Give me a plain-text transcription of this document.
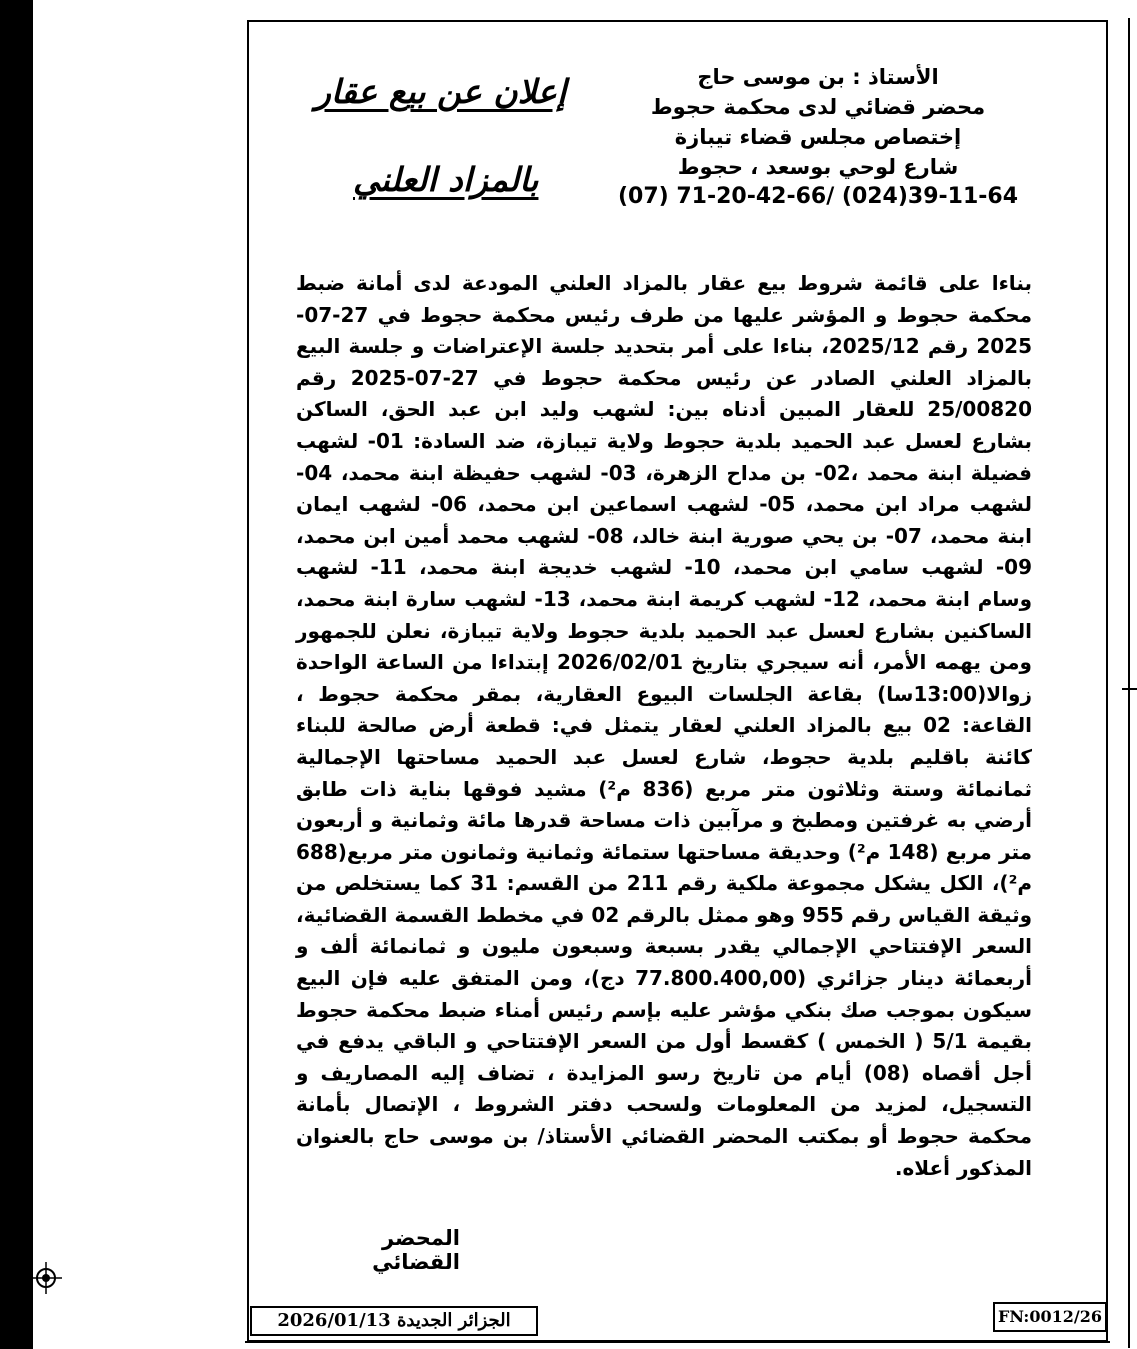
الأستاذ : بن موسى حاج
محضر قضائي لدى محكمة حجوط
إختصاص مجلس قضاء تيبازة
شارع لوحي بوسعد ، حجوط
(07) 71-20-42-66/ (024)39-11-64
إعلان عن بيع عقار
بالمزاد العلني
بناءا على قائمة شروط بيع عقار بالمزاد العلني المودعة لدى أمانة ضبط محكمة حجوط و المؤشر عليها من طرف رئيس محكمة حجوط في 27-07-2025 رقم 2025/12، بناءا على أمر بتحديد جلسة الإعتراضات و جلسة البيع بالمزاد العلني الصادر عن رئيس محكمة حجوط في 27-07-2025 رقم 25/00820 للعقار المبين أدناه بين: لشهب وليد ابن عبد الحق، الساكن بشارع لعسل عبد الحميد بلدية حجوط ولاية تيبازة، ضد السادة: 01- لشهب فضيلة ابنة محمد ،02- بن مداح الزهرة، 03- لشهب حفيظة ابنة محمد، 04- لشهب مراد ابن محمد، 05- لشهب اسماعين ابن محمد، 06- لشهب ايمان ابنة محمد، 07- بن يحي صورية ابنة خالد، 08- لشهب محمد أمين ابن محمد، 09- لشهب سامي ابن محمد، 10- لشهب خديجة ابنة محمد، 11- لشهب وسام ابنة محمد، 12- لشهب كريمة ابنة محمد، 13- لشهب سارة ابنة محمد، الساكنين بشارع لعسل عبد الحميد بلدية حجوط ولاية تيبازة، نعلن للجمهور ومن يهمه الأمر، أنه سيجري بتاريخ 2026/02/01 إبتداءا من الساعة الواحدة زوالا(13:00سا) بقاعة الجلسات البيوع العقارية، بمقر محكمة حجوط ، القاعة: 02 بيع بالمزاد العلني لعقار يتمثل في: قطعة أرض صالحة للبناء كائنة باقليم بلدية حجوط، شارع لعسل عبد الحميد مساحتها الإجمالية ثمانمائة وستة وثلاثون متر مربع (836 م²) مشيد فوقها بناية ذات طابق أرضي به غرفتين ومطبخ و مرآبين ذات مساحة قدرها مائة وثمانية و أربعون متر مربع (148 م²) وحديقة مساحتها ستمائة وثمانية وثمانون متر مربع(688 م²)، الكل يشكل مجموعة ملكية رقم 211 من القسم: 31 كما يستخلص من وثيقة القياس رقم 955 وهو ممثل بالرقم 02 في مخطط القسمة القضائية، السعر الإفتتاحي الإجمالي يقدر بسبعة وسبعون مليون و ثمانمائة ألف و أربعمائة دينار جزائري (77.800.400,00 دج)، ومن المتفق عليه فإن البيع سيكون بموجب صك بنكي مؤشر عليه بإسم رئيس أمناء ضبط محكمة حجوط بقيمة 5/1 ( الخمس ) كقسط أول من السعر الإفتتاحي و الباقي يدفع في أجل أقصاه (08) أيام من تاريخ رسو المزايدة ، تضاف إليه المصاريف و التسجيل، لمزيد من المعلومات ولسحب دفتر الشروط ، الإتصال بأمانة محكمة حجوط أو بمكتب المحضر القضائي الأستاذ/ بن موسى حاج بالعنوان المذكور أعلاه.
المحضر القضائي
الجزائر الجديدة 2026/01/13	FN:0012/26
